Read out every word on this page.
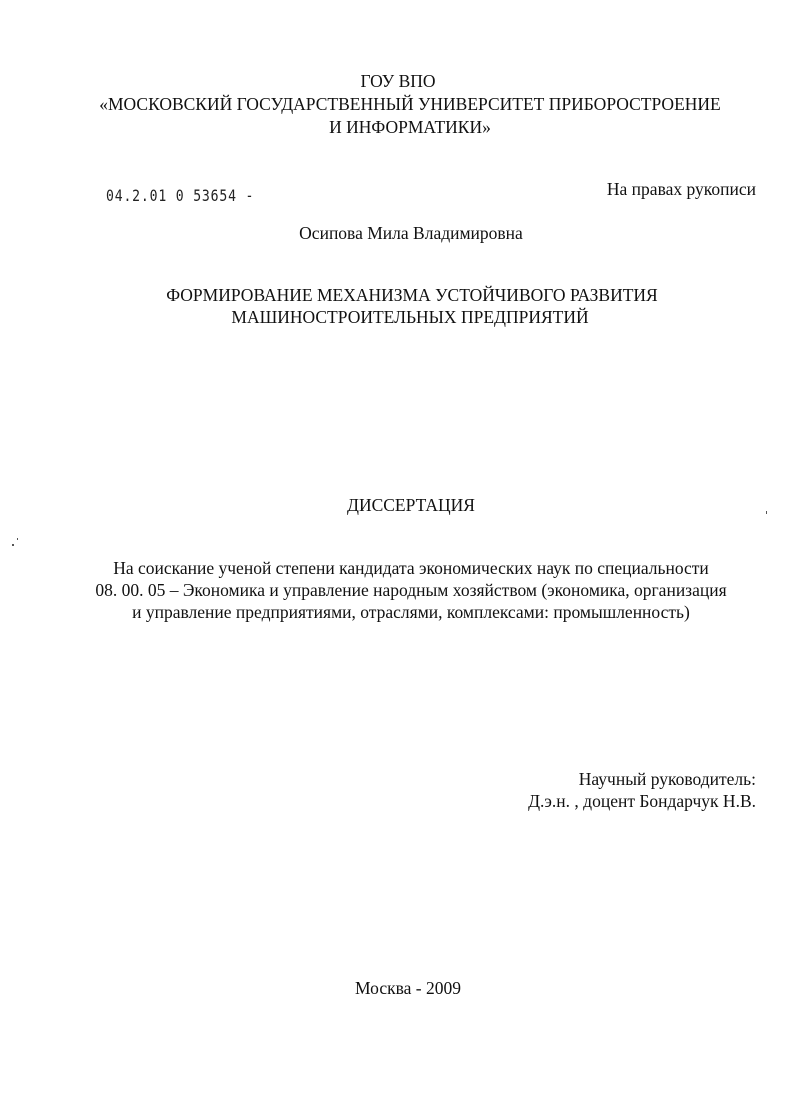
ГОУ ВПО
«МОСКОВСКИЙ ГОСУДАРСТВЕННЫЙ УНИВЕРСИТЕТ ПРИБОРОСТРОЕНИЕ
И ИНФОРМАТИКИ»
04.2.01 0 53654 -	На правах рукописи
Осипова Мила Владимировна
ФОРМИРОВАНИЕ МЕХАНИЗМА УСТОЙЧИВОГО РАЗВИТИЯ
МАШИНОСТРОИТЕЛЬНЫХ ПРЕДПРИЯТИЙ
ДИССЕРТАЦИЯ
На соискание ученой степени кандидата экономических наук по специальности
08. 00. 05 – Экономика и управление народным хозяйством (экономика, организация
и управление предприятиями, отраслями, комплексами: промышленность)
Научный руководитель:
Д.э.н. , доцент Бондарчук Н.В.
Москва - 2009
